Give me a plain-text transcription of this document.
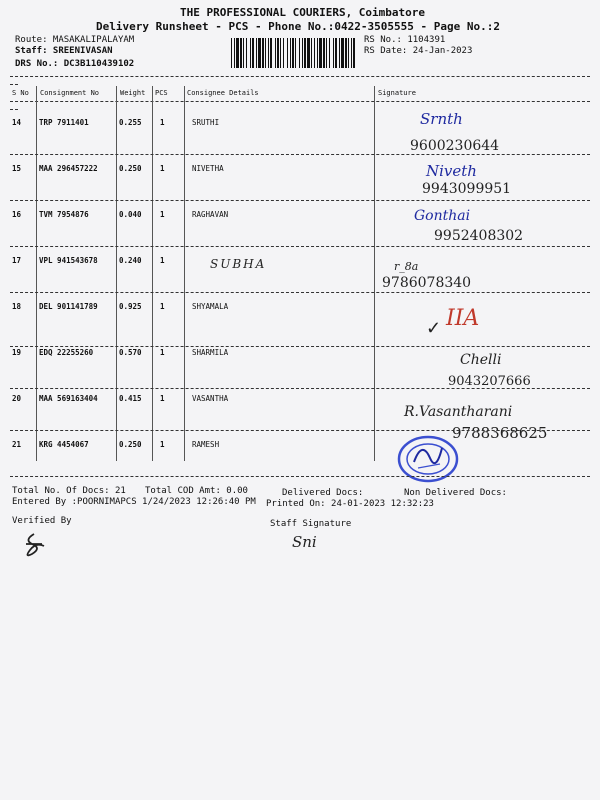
THE PROFESSIONAL COURIERS, Coimbatore
Delivery Runsheet - PCS - Phone No.:0422-3505555 - Page No.:2
Route: MASAKALIPALAYAM
Staff: SREENIVASAN
DRS No.: DC3B110439102
RS No.: 1104391
RS Date: 24-Jan-2023
S No Consignment No	Weight PCS	Consignee Details	Signature
14 TRP 7911401	0.255 1	SRUTHI	Srnth
9600230644
15 MAA 296457222	0.250 1	NIVETHA	Niveth
9943099951
16 TVM 7954876	0.040 1	RAGHAVAN	Gonthai
9952408302
17 VPL 941543678	0.240 1	SUBHA	r_8a
9786078340
18 DEL 901141789	0.925 1	SHYAMALA
✓ IIA
19 EDQ 22255260	0.570 1	SHARMILA	Chelli
9043207666
20 MAA 569163404	0.415 1	VASANTHA
R.Vasantharani
9788368625
21 KRG 4454067	0.250 1	RAMESH
Total No. Of Docs: 21 Total COD Amt: 0.00	Delivered Docs:	Non Delivered Docs:
Entered By :POORNIMAPCS 1/24/2023 12:26:40 PM Printed On: 24-01-2023 12:32:23
Verified By	Staff Signature
Sni
